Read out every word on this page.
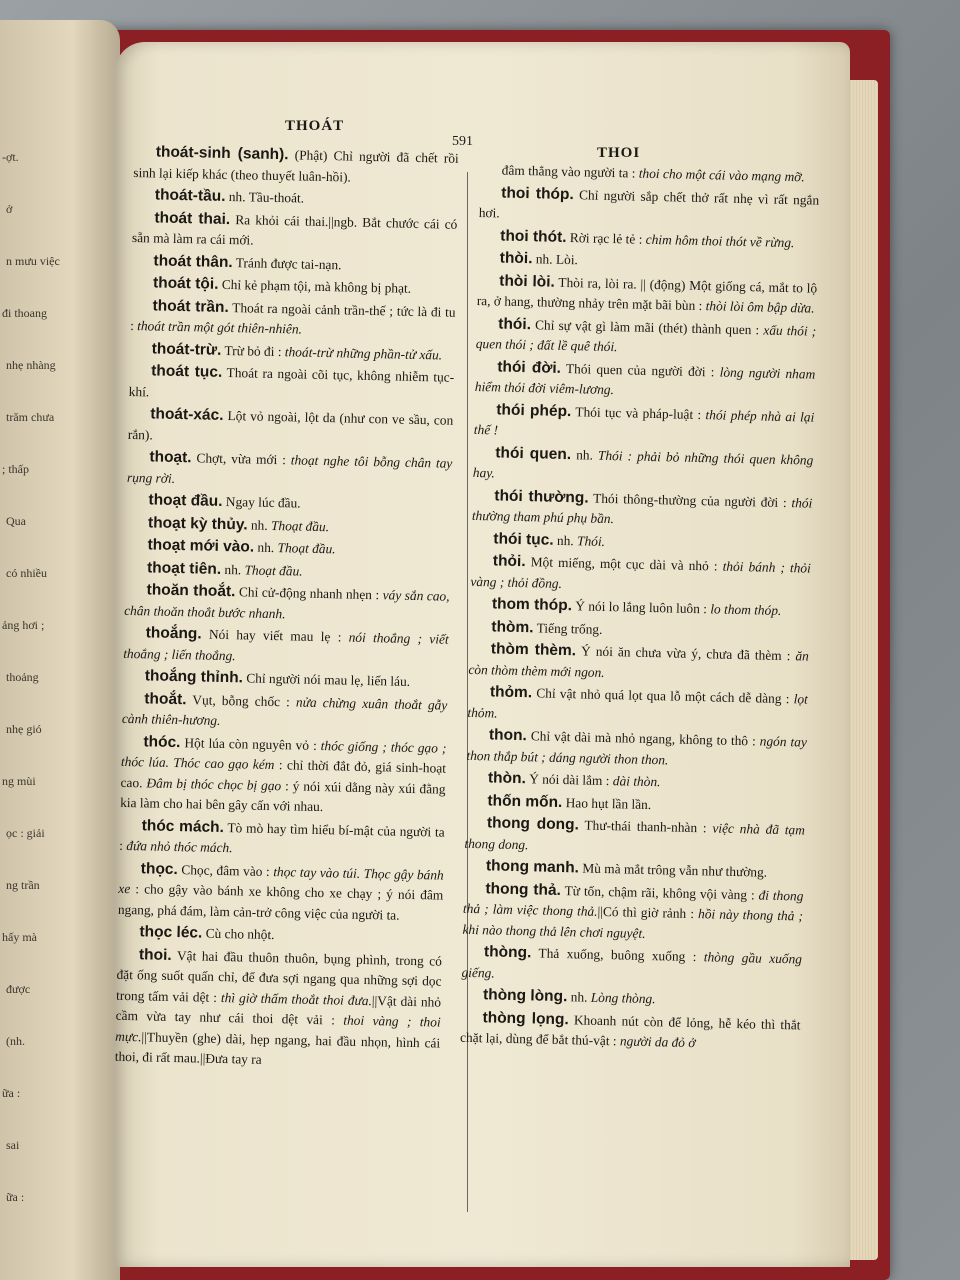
-ợt.
ở
n mưu việc
đi thoang
nhẹ nhàng
trăm chưa
; thấp
Qua
có nhiều
ảng hơi ;
thoảng
nhẹ gió
ng mùi
ọc : giải
ng trần
hấy mà
được
(nh.
ữa :
sai
ữa :
THOÁT
591
THOI
thoát-sinh (sanh). (Phật) Chỉ người đã chết rồi sinh lại kiếp khác (theo thuyết luân-hồi).
thoát-tầu. nh. Tầu-thoát.
thoát thai. Ra khỏi cái thai.||ngb. Bắt chước cái có sẵn mà làm ra cái mới.
thoát thân. Tránh được tai-nạn.
thoát tội. Chỉ kẻ phạm tội, mà không bị phạt.
thoát trần. Thoát ra ngoài cảnh trần-thế ; tức là đi tu : thoát trần một gót thiên-nhiên.
thoát-trừ. Trừ bỏ đi : thoát-trừ những phần-tử xấu.
thoát tục. Thoát ra ngoài cõi tục, không nhiễm tục-khí.
thoát-xác. Lột vỏ ngoài, lột da (như con ve sầu, con rắn).
thoạt. Chợt, vừa mới : thoạt nghe tôi bỗng chân tay rụng rời.
thoạt đầu. Ngay lúc đầu.
thoạt kỳ thủy. nh. Thoạt đầu.
thoạt mới vào. nh. Thoạt đầu.
thoạt tiên. nh. Thoạt đầu.
thoăn thoắt. Chỉ cử-động nhanh nhẹn : váy sắn cao, chân thoăn thoắt bước nhanh.
thoắng. Nói hay viết mau lẹ : nói thoắng ; viết thoắng ; liến thoắng.
thoắng thỉnh. Chỉ người nói mau lẹ, liến láu.
thoắt. Vụt, bỗng chốc : nửa chừng xuân thoắt gẫy cành thiên-hương.
thóc. Hột lúa còn nguyên vỏ : thóc giống ; thóc gạo ; thóc lúa. Thóc cao gạo kém : chỉ thời đắt đỏ, giá sinh-hoạt cao. Đâm bị thóc chọc bị gạo : ý nói xúi dằng này xúi đằng kia làm cho hai bên gây cấn với nhau.
thóc mách. Tò mò hay tìm hiểu bí-mật của người ta : đứa nhỏ thóc mách.
thọc. Chọc, đâm vào : thọc tay vào túi. Thọc gậy bánh xe : cho gậy vào bánh xe không cho xe chạy ; ý nói đâm ngang, phá đám, làm cản-trở công việc của người ta.
thọc léc. Cù cho nhột.
thoi. Vật hai đầu thuôn thuôn, bụng phình, trong có đặt ống suốt quấn chỉ, để đưa sợi ngang qua những sợi dọc trong tấm vải dệt : thì giờ thấm thoắt thoi đưa.||Vật dài nhỏ cầm vừa tay như cái thoi dệt vải : thoi vàng ; thoi mực.||Thuyền (ghe) dài, hẹp ngang, hai đầu nhọn, hình cái thoi, đi rất mau.||Đưa tay ra
đâm thẳng vào người ta : thoi cho một cái vào mạng mỡ.
thoi thóp. Chỉ người sắp chết thở rất nhẹ vì rất ngắn hơi.
thoi thót. Rời rạc lẻ tẻ : chim hôm thoi thót về rừng.
thòi. nh. Lòi.
thòi lòi. Thòi ra, lòi ra. || (động) Một giống cá, mắt to lộ ra, ở hang, thường nhảy trên mặt bãi bùn : thòi lòi ôm bập dừa.
thói. Chỉ sự vật gì làm mãi (thét) thành quen : xấu thói ; quen thói ; đất lề quê thói.
thói đời. Thói quen của người đời : lòng người nham hiểm thói đời viêm-lương.
thói phép. Thói tục và pháp-luật : thói phép nhà ai lại thế !
thói quen. nh. Thói : phải bỏ những thói quen không hay.
thói thường. Thói thông-thường của người đời : thói thường tham phú phụ bần.
thói tục. nh. Thói.
thỏi. Một miếng, một cục dài và nhỏ : thỏi bánh ; thỏi vàng ; thỏi đồng.
thom thóp. Ý nói lo lắng luôn luôn : lo thom thóp.
thòm. Tiếng trống.
thòm thèm. Ý nói ăn chưa vừa ý, chưa đã thèm : ăn còn thòm thèm mới ngon.
thỏm. Chỉ vật nhỏ quá lọt qua lỗ một cách dễ dàng : lọt thỏm.
thon. Chỉ vật dài mà nhỏ ngang, không to thô : ngón tay thon thắp bút ; dáng người thon thon.
thòn. Ý nói dài lắm : dài thòn.
thốn mốn. Hao hụt lần lần.
thong dong. Thư-thái thanh-nhàn : việc nhà đã tạm thong dong.
thong manh. Mù mà mắt trông vẫn như thường.
thong thả. Từ tốn, chậm rãi, không vội vàng : đi thong thả ; làm việc thong thả.||Có thì giờ rảnh : hồi này thong thả ; khi nào thong thả lên chơi nguyệt.
thòng. Thả xuống, buông xuống : thòng gầu xuống giếng.
thòng lòng. nh. Lòng thòng.
thòng lọng. Khoanh nút còn để lỏng, hễ kéo thì thắt chặt lại, dùng để bắt thú-vật : người da đỏ ở
